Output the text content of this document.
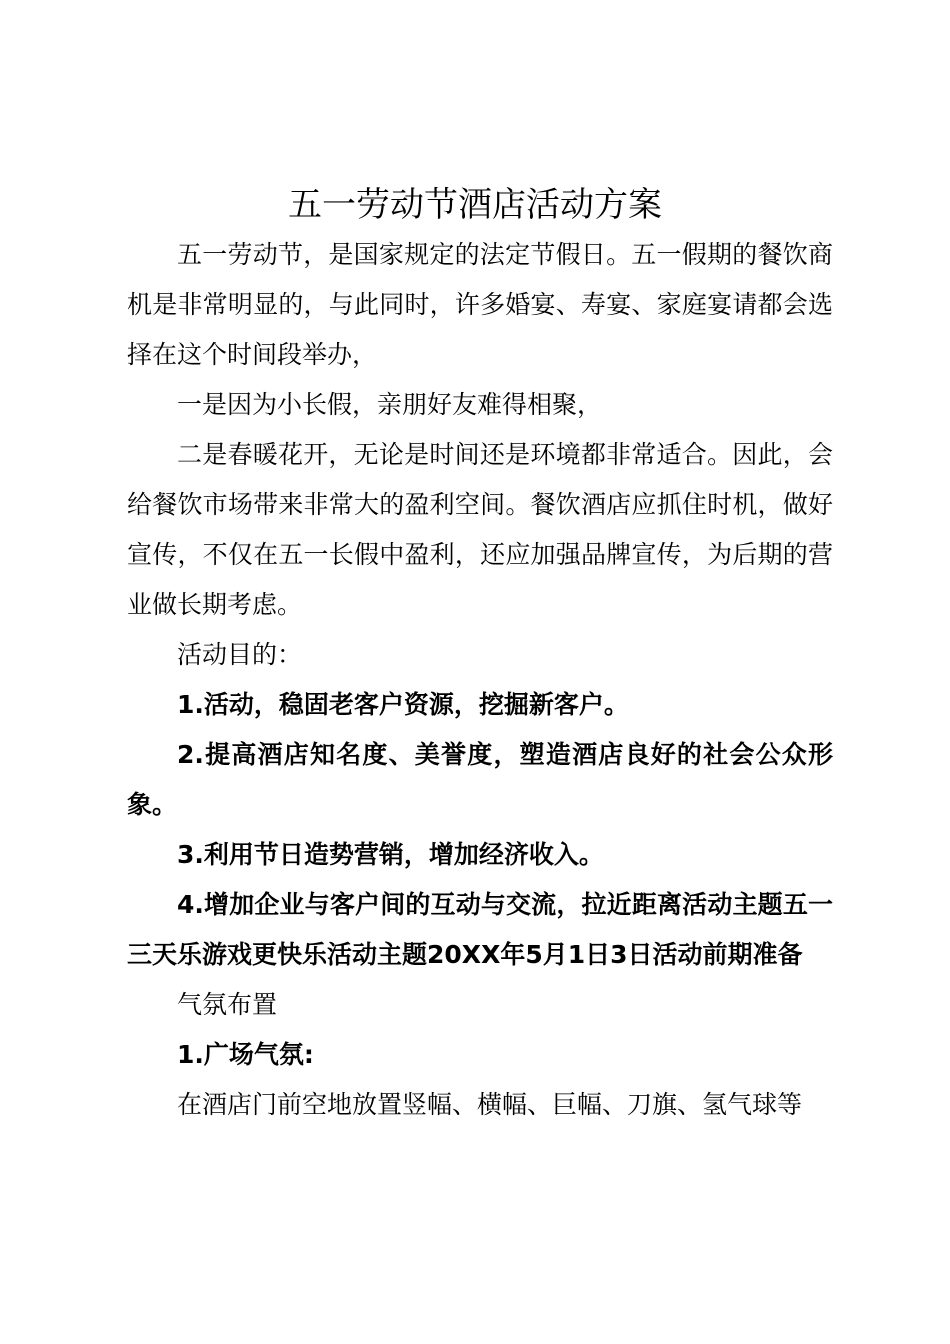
五一劳动节酒店活动方案

五一劳动节，是国家规定的法定节假日。五一假期的餐饮商机是非常明显的，与此同时，许多婚宴、寿宴、家庭宴请都会选择在这个时间段举办，

一是因为小长假，亲朋好友难得相聚，

二是春暖花开，无论是时间还是环境都非常适合。因此，会给餐饮市场带来非常大的盈利空间。餐饮酒店应抓住时机，做好宣传，不仅在五一长假中盈利，还应加强品牌宣传，为后期的营业做长期考虑。

活动目的：

1.活动，稳固老客户资源，挖掘新客户。

2.提高酒店知名度、美誉度，塑造酒店良好的社会公众形象。

3.利用节日造势营销，增加经济收入。

4.增加企业与客户间的互动与交流，拉近距离活动主题五一三天乐游戏更快乐活动主题20XX年5月1日3日活动前期准备

气氛布置

1.广场气氛:

在酒店门前空地放置竖幅、横幅、巨幅、刀旗、氢气球等
